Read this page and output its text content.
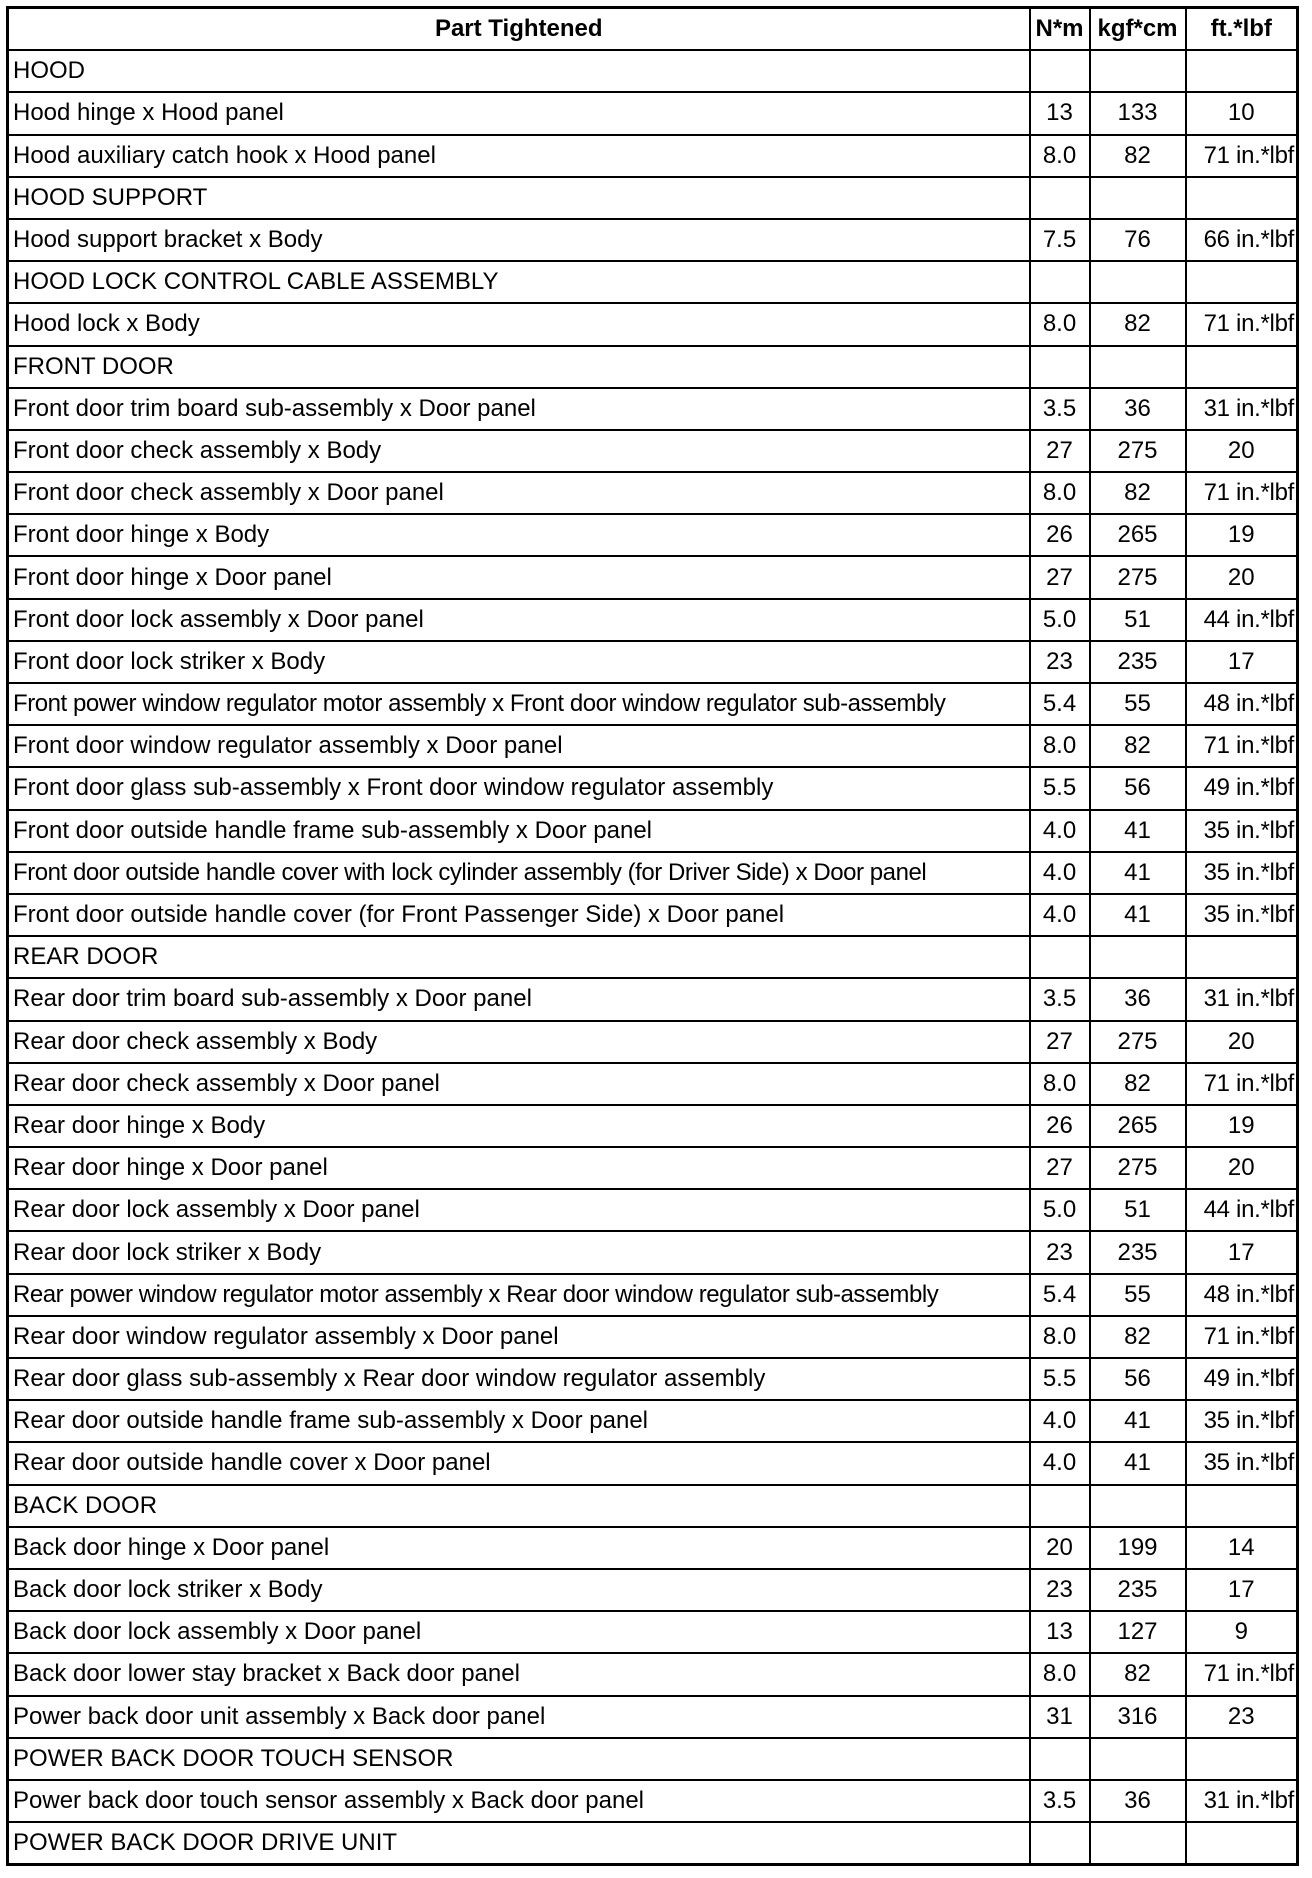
Part Tightened	N*m	kgf*cm	ft.*lbf
HOOD			
Hood hinge x Hood panel	13	133	10
Hood auxiliary catch hook x Hood panel	8.0	82	71 in.*lbf
HOOD SUPPORT			
Hood support bracket x Body	7.5	76	66 in.*lbf
HOOD LOCK CONTROL CABLE ASSEMBLY			
Hood lock x Body	8.0	82	71 in.*lbf
FRONT DOOR			
Front door trim board sub-assembly x Door panel	3.5	36	31 in.*lbf
Front door check assembly x Body	27	275	20
Front door check assembly x Door panel	8.0	82	71 in.*lbf
Front door hinge x Body	26	265	19
Front door hinge x Door panel	27	275	20
Front door lock assembly x Door panel	5.0	51	44 in.*lbf
Front door lock striker x Body	23	235	17
Front power window regulator motor assembly x Front door window regulator sub-assembly	5.4	55	48 in.*lbf
Front door window regulator assembly x Door panel	8.0	82	71 in.*lbf
Front door glass sub-assembly x Front door window regulator assembly	5.5	56	49 in.*lbf
Front door outside handle frame sub-assembly x Door panel	4.0	41	35 in.*lbf
Front door outside handle cover with lock cylinder assembly (for Driver Side) x Door panel	4.0	41	35 in.*lbf
Front door outside handle cover (for Front Passenger Side) x Door panel	4.0	41	35 in.*lbf
REAR DOOR			
Rear door trim board sub-assembly x Door panel	3.5	36	31 in.*lbf
Rear door check assembly x Body	27	275	20
Rear door check assembly x Door panel	8.0	82	71 in.*lbf
Rear door hinge x Body	26	265	19
Rear door hinge x Door panel	27	275	20
Rear door lock assembly x Door panel	5.0	51	44 in.*lbf
Rear door lock striker x Body	23	235	17
Rear power window regulator motor assembly x Rear door window regulator sub-assembly	5.4	55	48 in.*lbf
Rear door window regulator assembly x Door panel	8.0	82	71 in.*lbf
Rear door glass sub-assembly x Rear door window regulator assembly	5.5	56	49 in.*lbf
Rear door outside handle frame sub-assembly x Door panel	4.0	41	35 in.*lbf
Rear door outside handle cover x Door panel	4.0	41	35 in.*lbf
BACK DOOR			
Back door hinge x Door panel	20	199	14
Back door lock striker x Body	23	235	17
Back door lock assembly x Door panel	13	127	9
Back door lower stay bracket x Back door panel	8.0	82	71 in.*lbf
Power back door unit assembly x Back door panel	31	316	23
POWER BACK DOOR TOUCH SENSOR			
Power back door touch sensor assembly x Back door panel	3.5	36	31 in.*lbf
POWER BACK DOOR DRIVE UNIT			
